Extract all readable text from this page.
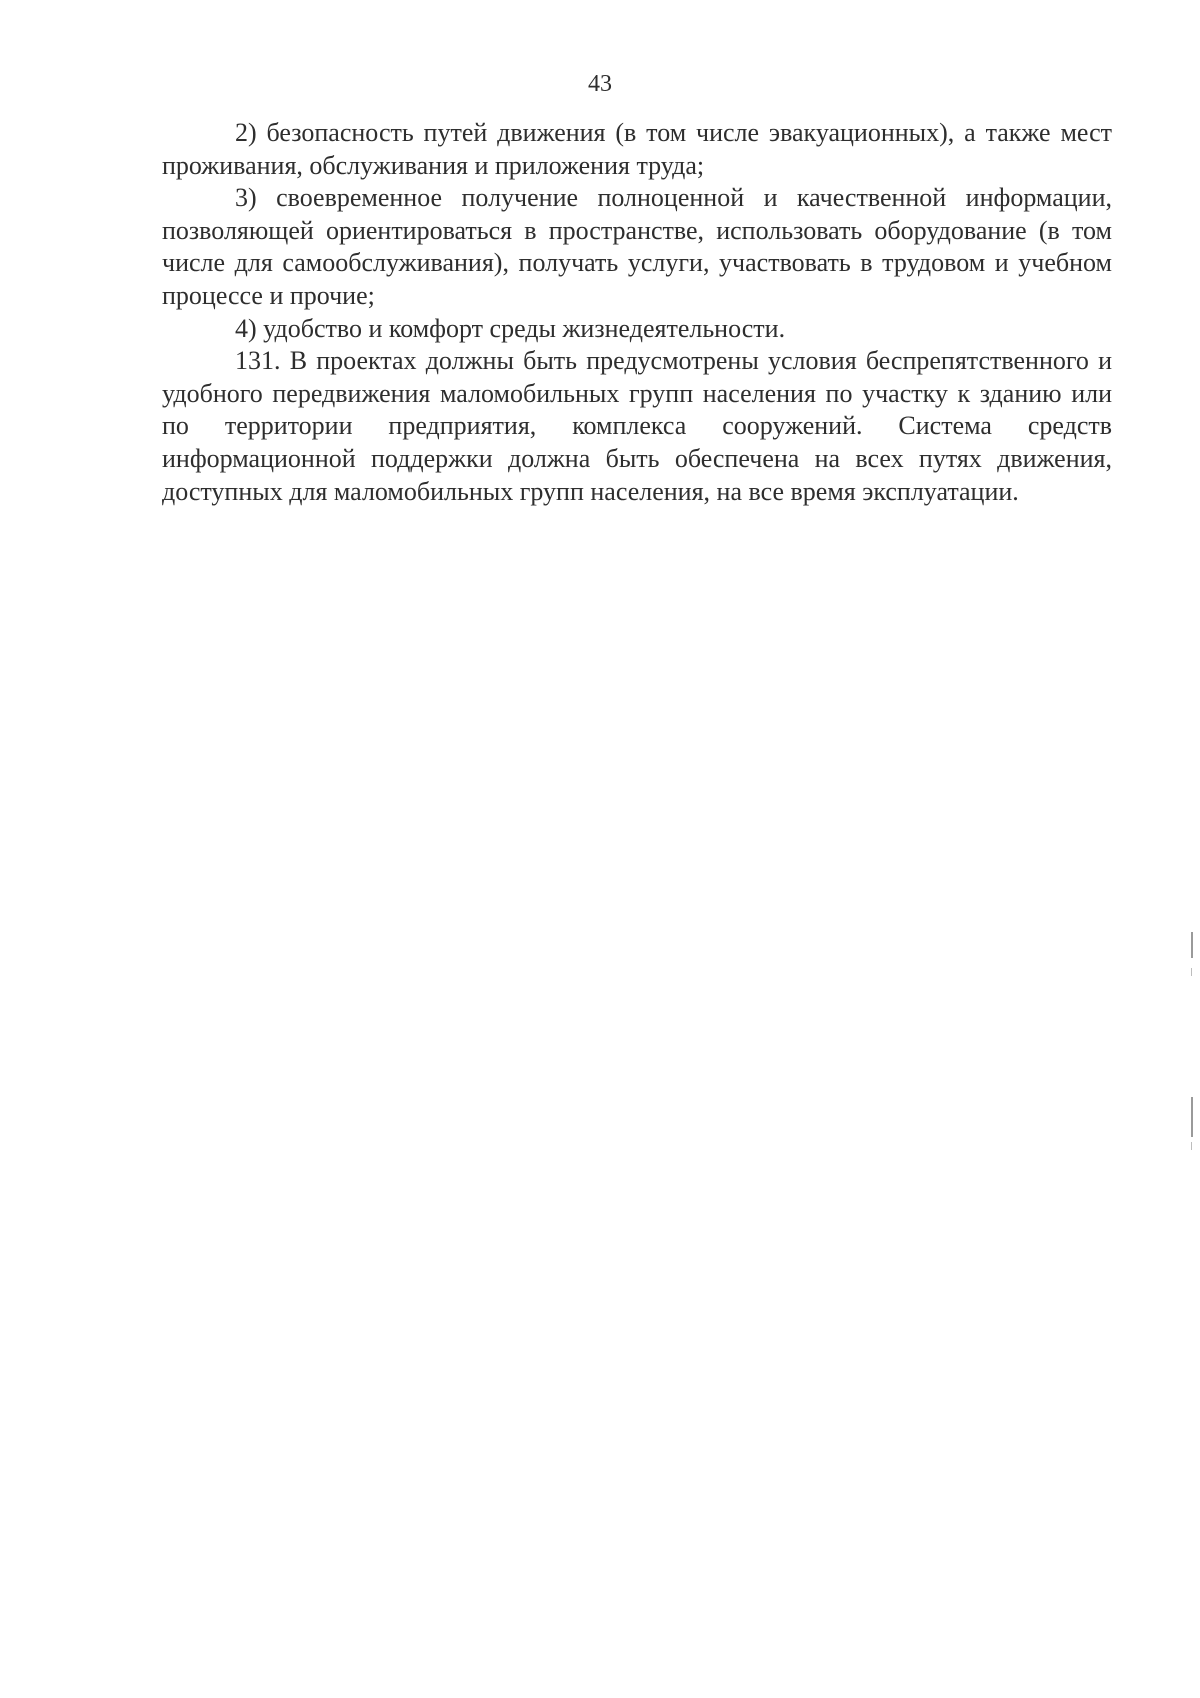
43

2) безопасность путей движения (в том числе эвакуационных), а также мест проживания, обслуживания и приложения труда;

3) своевременное получение полноценной и качественной информации, позволяющей ориентироваться в пространстве, использовать оборудование (в том числе для самообслуживания), получать услуги, участвовать в трудовом и учебном процессе и прочие;

4) удобство и комфорт среды жизнедеятельности.

131. В проектах должны быть предусмотрены условия беспрепятственного и удобного передвижения маломобильных групп населения по участку к зданию или по территории предприятия, комплекса сооружений. Система средств информационной поддержки должна быть обеспечена на всех путях движения, доступных для маломобильных групп населения, на все время эксплуатации.
